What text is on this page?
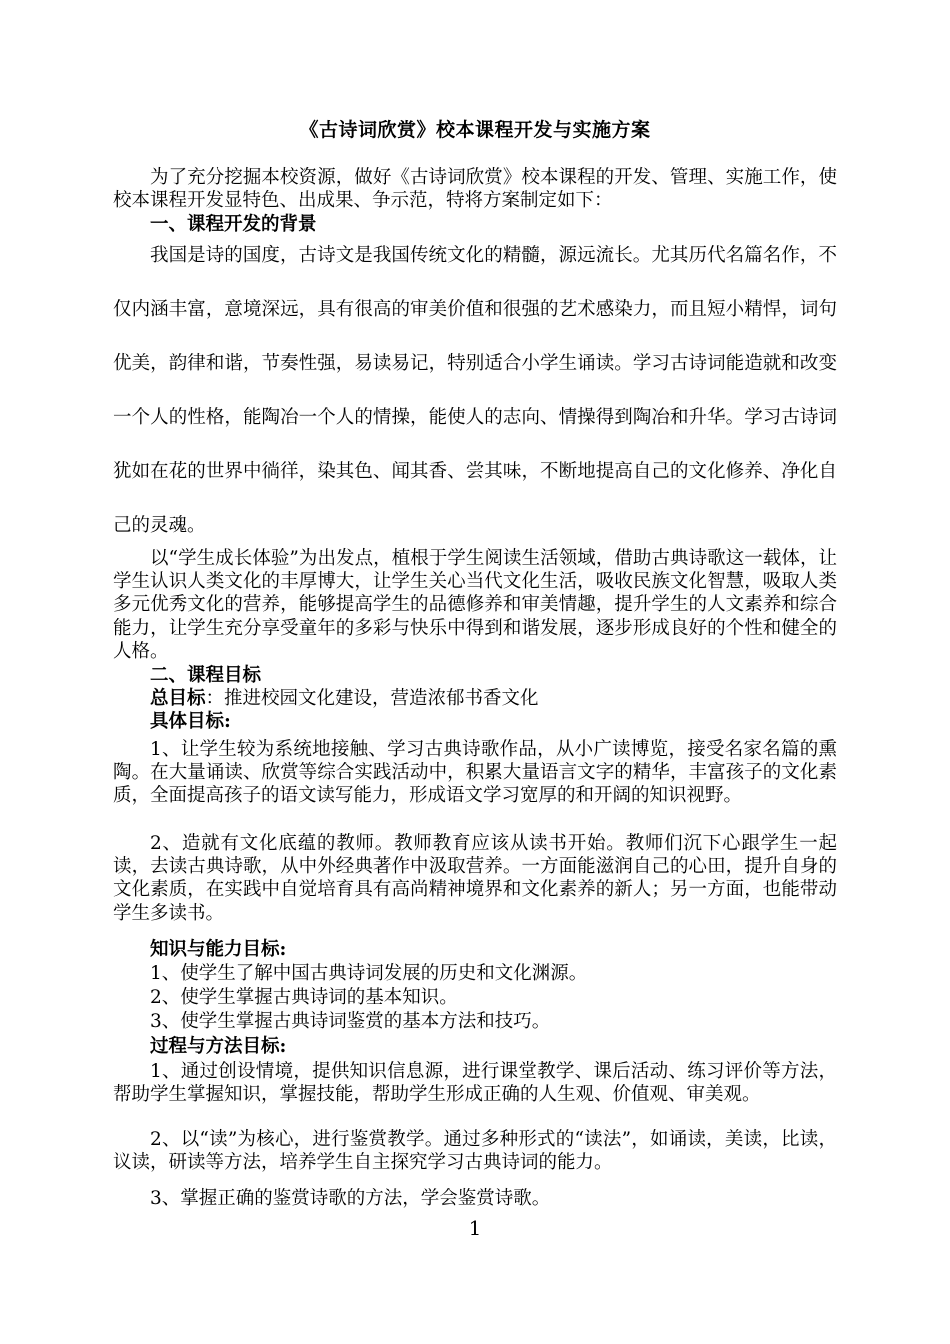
《古诗词欣赏》校本课程开发与实施方案
为了充分挖掘本校资源，做好《古诗词欣赏》校本课程的开发、管理、实施工作，使校本课程开发显特色、出成果、争示范，特将方案制定如下：
一、课程开发的背景
我国是诗的国度，古诗文是我国传统文化的精髓，源远流长。尤其历代名篇名作，不仅内涵丰富，意境深远，具有很高的审美价值和很强的艺术感染力，而且短小精悍，词句优美，韵律和谐，节奏性强，易读易记，特别适合小学生诵读。学习古诗词能造就和改变一个人的性格，能陶冶一个人的情操，能使人的志向、情操得到陶冶和升华。学习古诗词犹如在花的世界中徜徉，染其色、闻其香、尝其味，不断地提高自己的文化修养、净化自己的灵魂。
以“学生成长体验”为出发点，植根于学生阅读生活领域，借助古典诗歌这一载体，让学生认识人类文化的丰厚博大，让学生关心当代文化生活，吸收民族文化智慧，吸取人类多元优秀文化的营养，能够提高学生的品德修养和审美情趣，提升学生的人文素养和综合能力，让学生充分享受童年的多彩与快乐中得到和谐发展，逐步形成良好的个性和健全的人格。
二、课程目标
总目标：推进校园文化建设，营造浓郁书香文化
具体目标:
1、让学生较为系统地接触、学习古典诗歌作品，从小广读博览，接受名家名篇的熏陶。在大量诵读、欣赏等综合实践活动中，积累大量语言文字的精华，丰富孩子的文化素质，全面提高孩子的语文读写能力，形成语文学习宽厚的和开阔的知识视野。
2、造就有文化底蕴的教师。教师教育应该从读书开始。教师们沉下心跟学生一起读，去读古典诗歌，从中外经典著作中汲取营养。一方面能滋润自己的心田，提升自身的文化素质，在实践中自觉培育具有高尚精神境界和文化素养的新人；另一方面，也能带动学生多读书。
知识与能力目标:
1、使学生了解中国古典诗词发展的历史和文化渊源。
2、使学生掌握古典诗词的基本知识。
3、使学生掌握古典诗词鉴赏的基本方法和技巧。
过程与方法目标:
1、通过创设情境，提供知识信息源，进行课堂教学、课后活动、练习评价等方法，帮助学生掌握知识，掌握技能，帮助学生形成正确的人生观、价值观、审美观。
2、以“读”为核心，进行鉴赏教学。通过多种形式的“读法”，如诵读，美读，比读，议读，研读等方法，培养学生自主探究学习古典诗词的能力。
3、掌握正确的鉴赏诗歌的方法，学会鉴赏诗歌。
1
